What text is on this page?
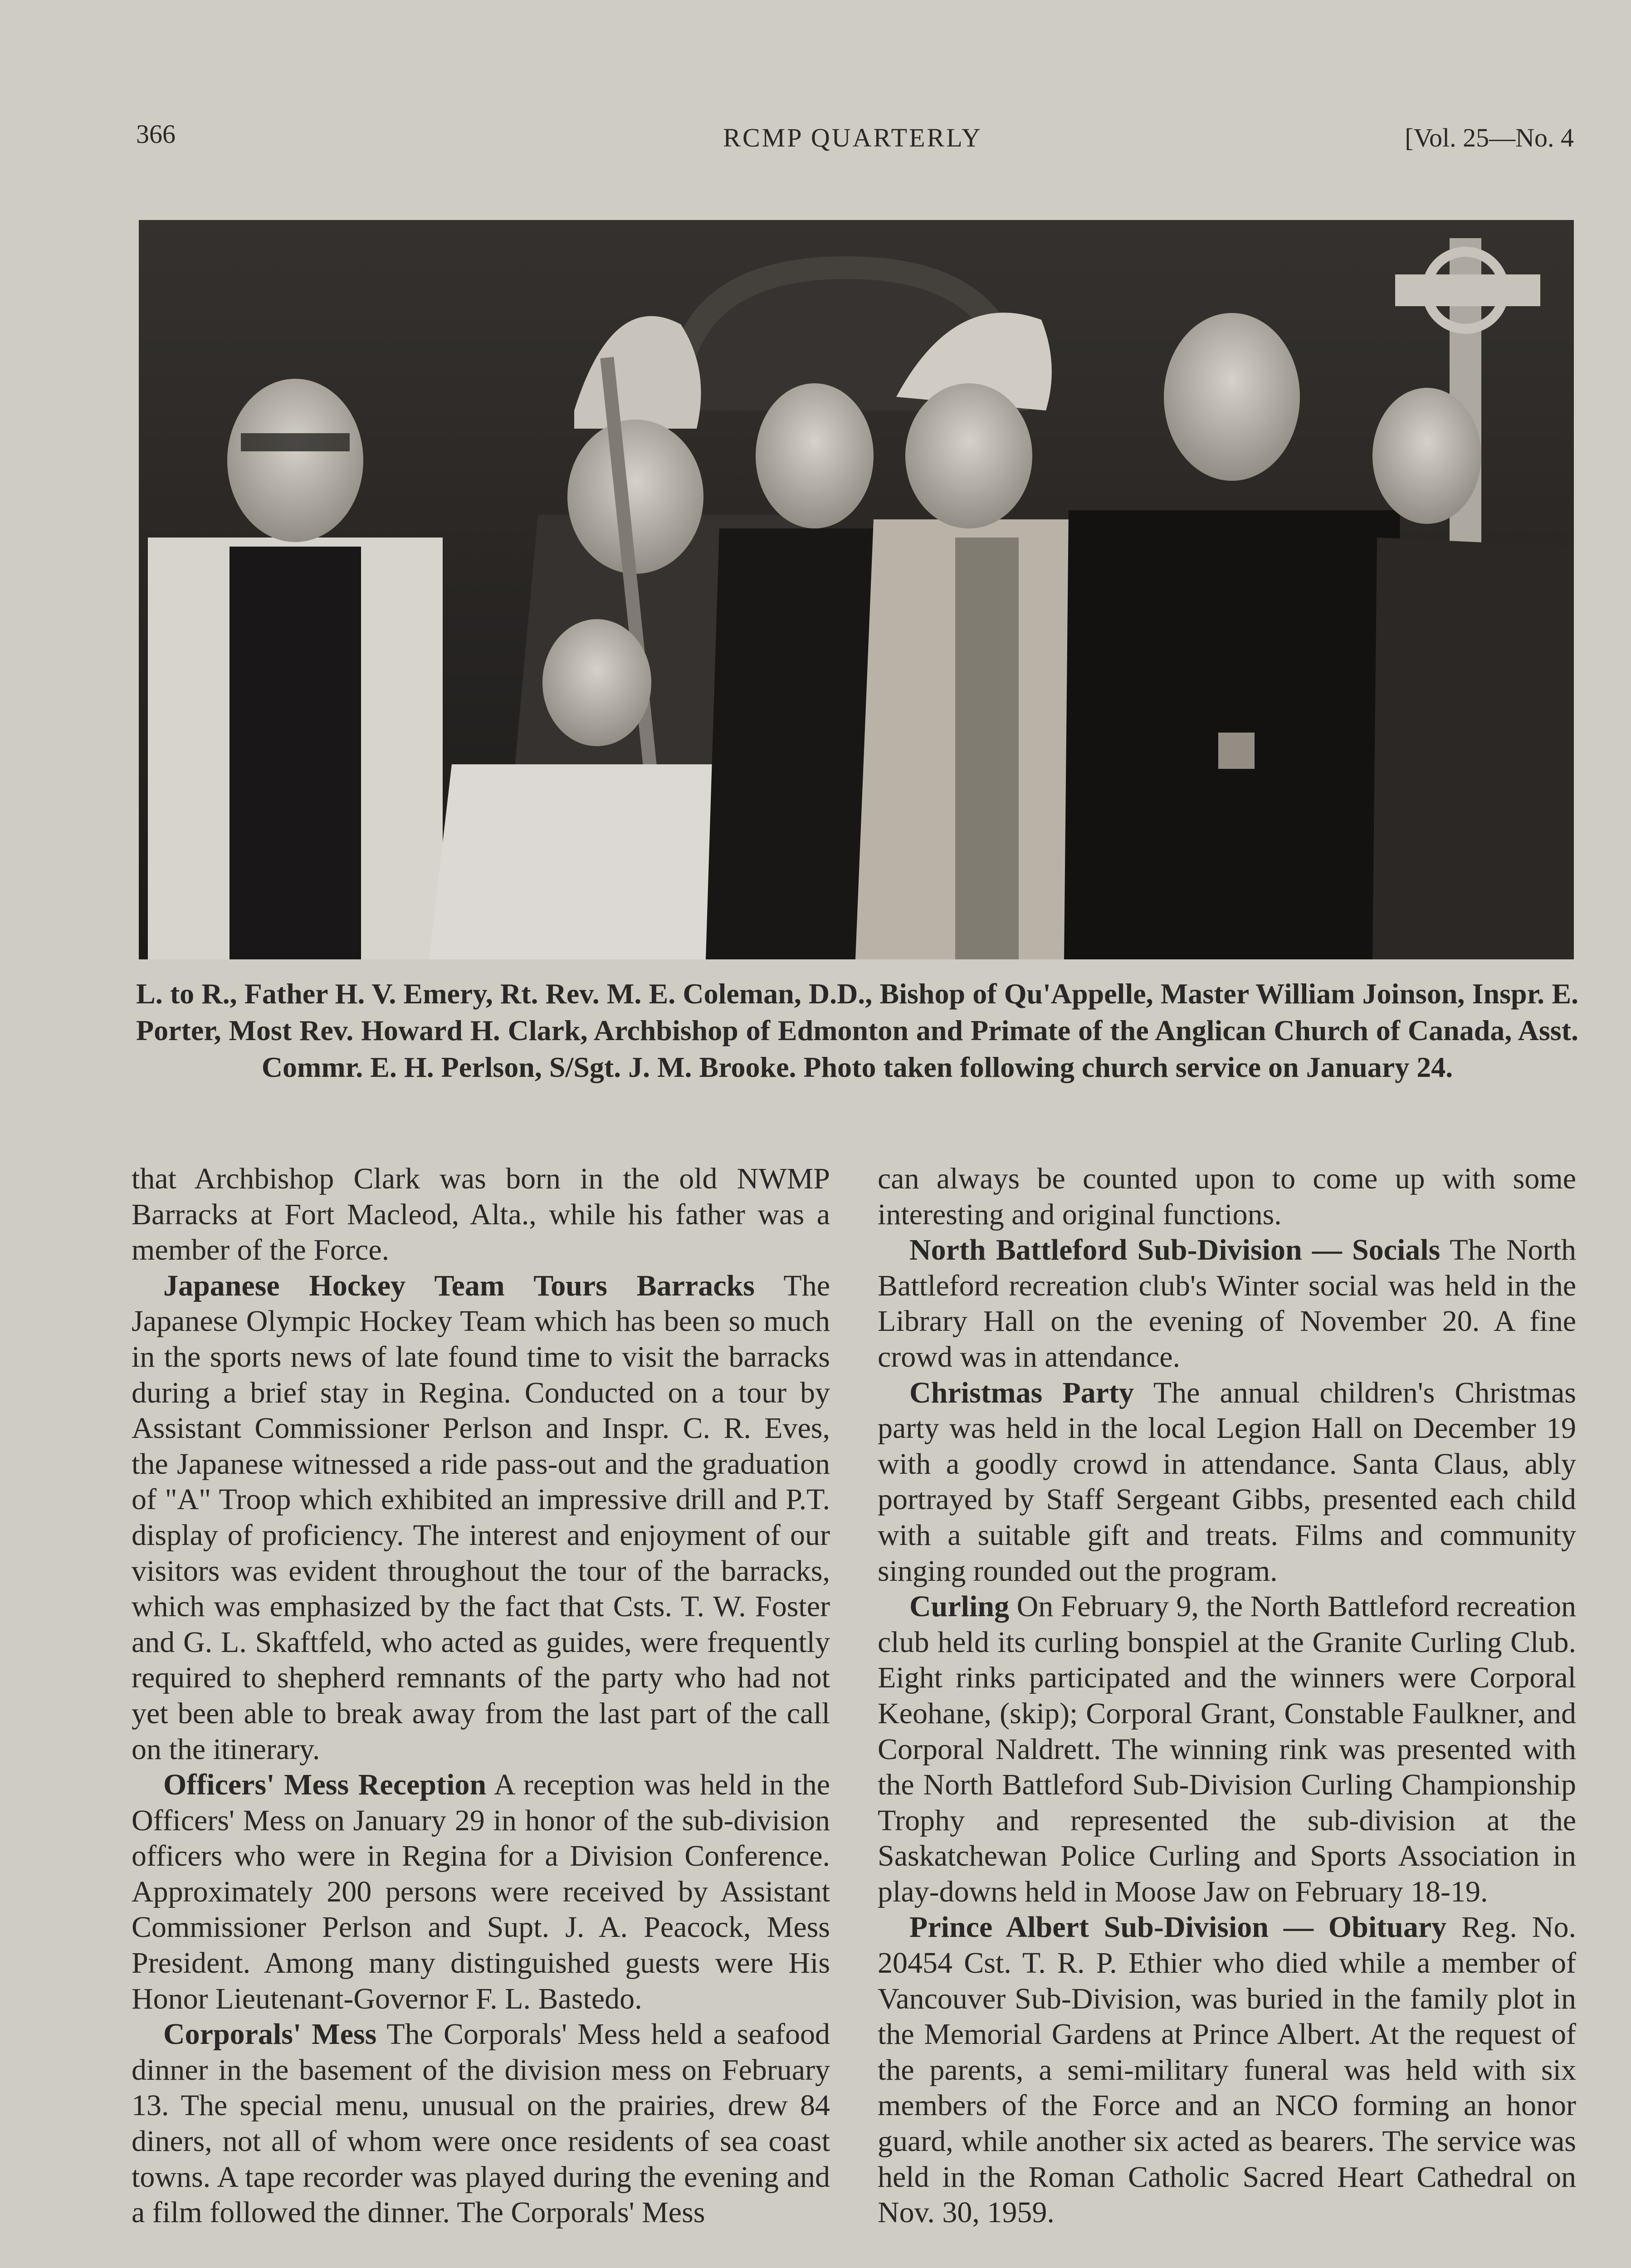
366	RCMP QUARTERLY	[Vol. 25—No. 4
L. to R., Father H. V. Emery, Rt. Rev. M. E. Coleman, D.D., Bishop of Qu'Appelle, Master William Joinson, Inspr. E. Porter, Most Rev. Howard H. Clark, Archbishop of Edmonton and Primate of the Anglican Church of Canada, Asst. Commr. E. H. Perlson, S/Sgt. J. M. Brooke. Photo taken following church service on January 24.

that Archbishop Clark was born in the old NWMP Barracks at Fort Macleod, Alta., while his father was a member of the Force.

Japanese Hockey Team Tours Barracks The Japanese Olympic Hockey Team which has been so much in the sports news of late found time to visit the barracks during a brief stay in Regina. Conducted on a tour by Assistant Commissioner Perlson and Inspr. C. R. Eves, the Japanese witnessed a ride pass-out and the graduation of "A" Troop which exhibited an impressive drill and P.T. display of proficiency. The interest and enjoyment of our visitors was evident throughout the tour of the barracks, which was emphasized by the fact that Csts. T. W. Foster and G. L. Skaftfeld, who acted as guides, were frequently required to shepherd remnants of the party who had not yet been able to break away from the last part of the call on the itinerary.

Officers' Mess Reception A reception was held in the Officers' Mess on January 29 in honor of the sub-division officers who were in Regina for a Division Conference. Approximately 200 persons were received by Assistant Commissioner Perlson and Supt. J. A. Peacock, Mess President. Among many distinguished guests were His Honor Lieutenant-Governor F. L. Bastedo.

Corporals' Mess The Corporals' Mess held a seafood dinner in the basement of the division mess on February 13. The special menu, unusual on the prairies, drew 84 diners, not all of whom were once residents of sea coast towns. A tape recorder was played during the evening and a film followed the dinner. The Corporals' Mess

can always be counted upon to come up with some interesting and original functions.

North Battleford Sub-Division — Socials The North Battleford recreation club's Winter social was held in the Library Hall on the evening of November 20. A fine crowd was in attendance.

Christmas Party The annual children's Christmas party was held in the local Legion Hall on December 19 with a goodly crowd in attendance. Santa Claus, ably portrayed by Staff Sergeant Gibbs, presented each child with a suitable gift and treats. Films and community singing rounded out the program.

Curling On February 9, the North Battleford recreation club held its curling bonspiel at the Granite Curling Club. Eight rinks participated and the winners were Corporal Keohane, (skip); Corporal Grant, Constable Faulkner, and Corporal Naldrett. The winning rink was presented with the North Battleford Sub-Division Curling Championship Trophy and represented the sub-division at the Saskatchewan Police Curling and Sports Association in play-downs held in Moose Jaw on February 18-19.

Prince Albert Sub-Division — Obituary Reg. No. 20454 Cst. T. R. P. Ethier who died while a member of Vancouver Sub-Division, was buried in the family plot in the Memorial Gardens at Prince Albert. At the request of the parents, a semi-military funeral was held with six members of the Force and an NCO forming an honor guard, while another six acted as bearers. The service was held in the Roman Catholic Sacred Heart Cathedral on Nov. 30, 1959.
